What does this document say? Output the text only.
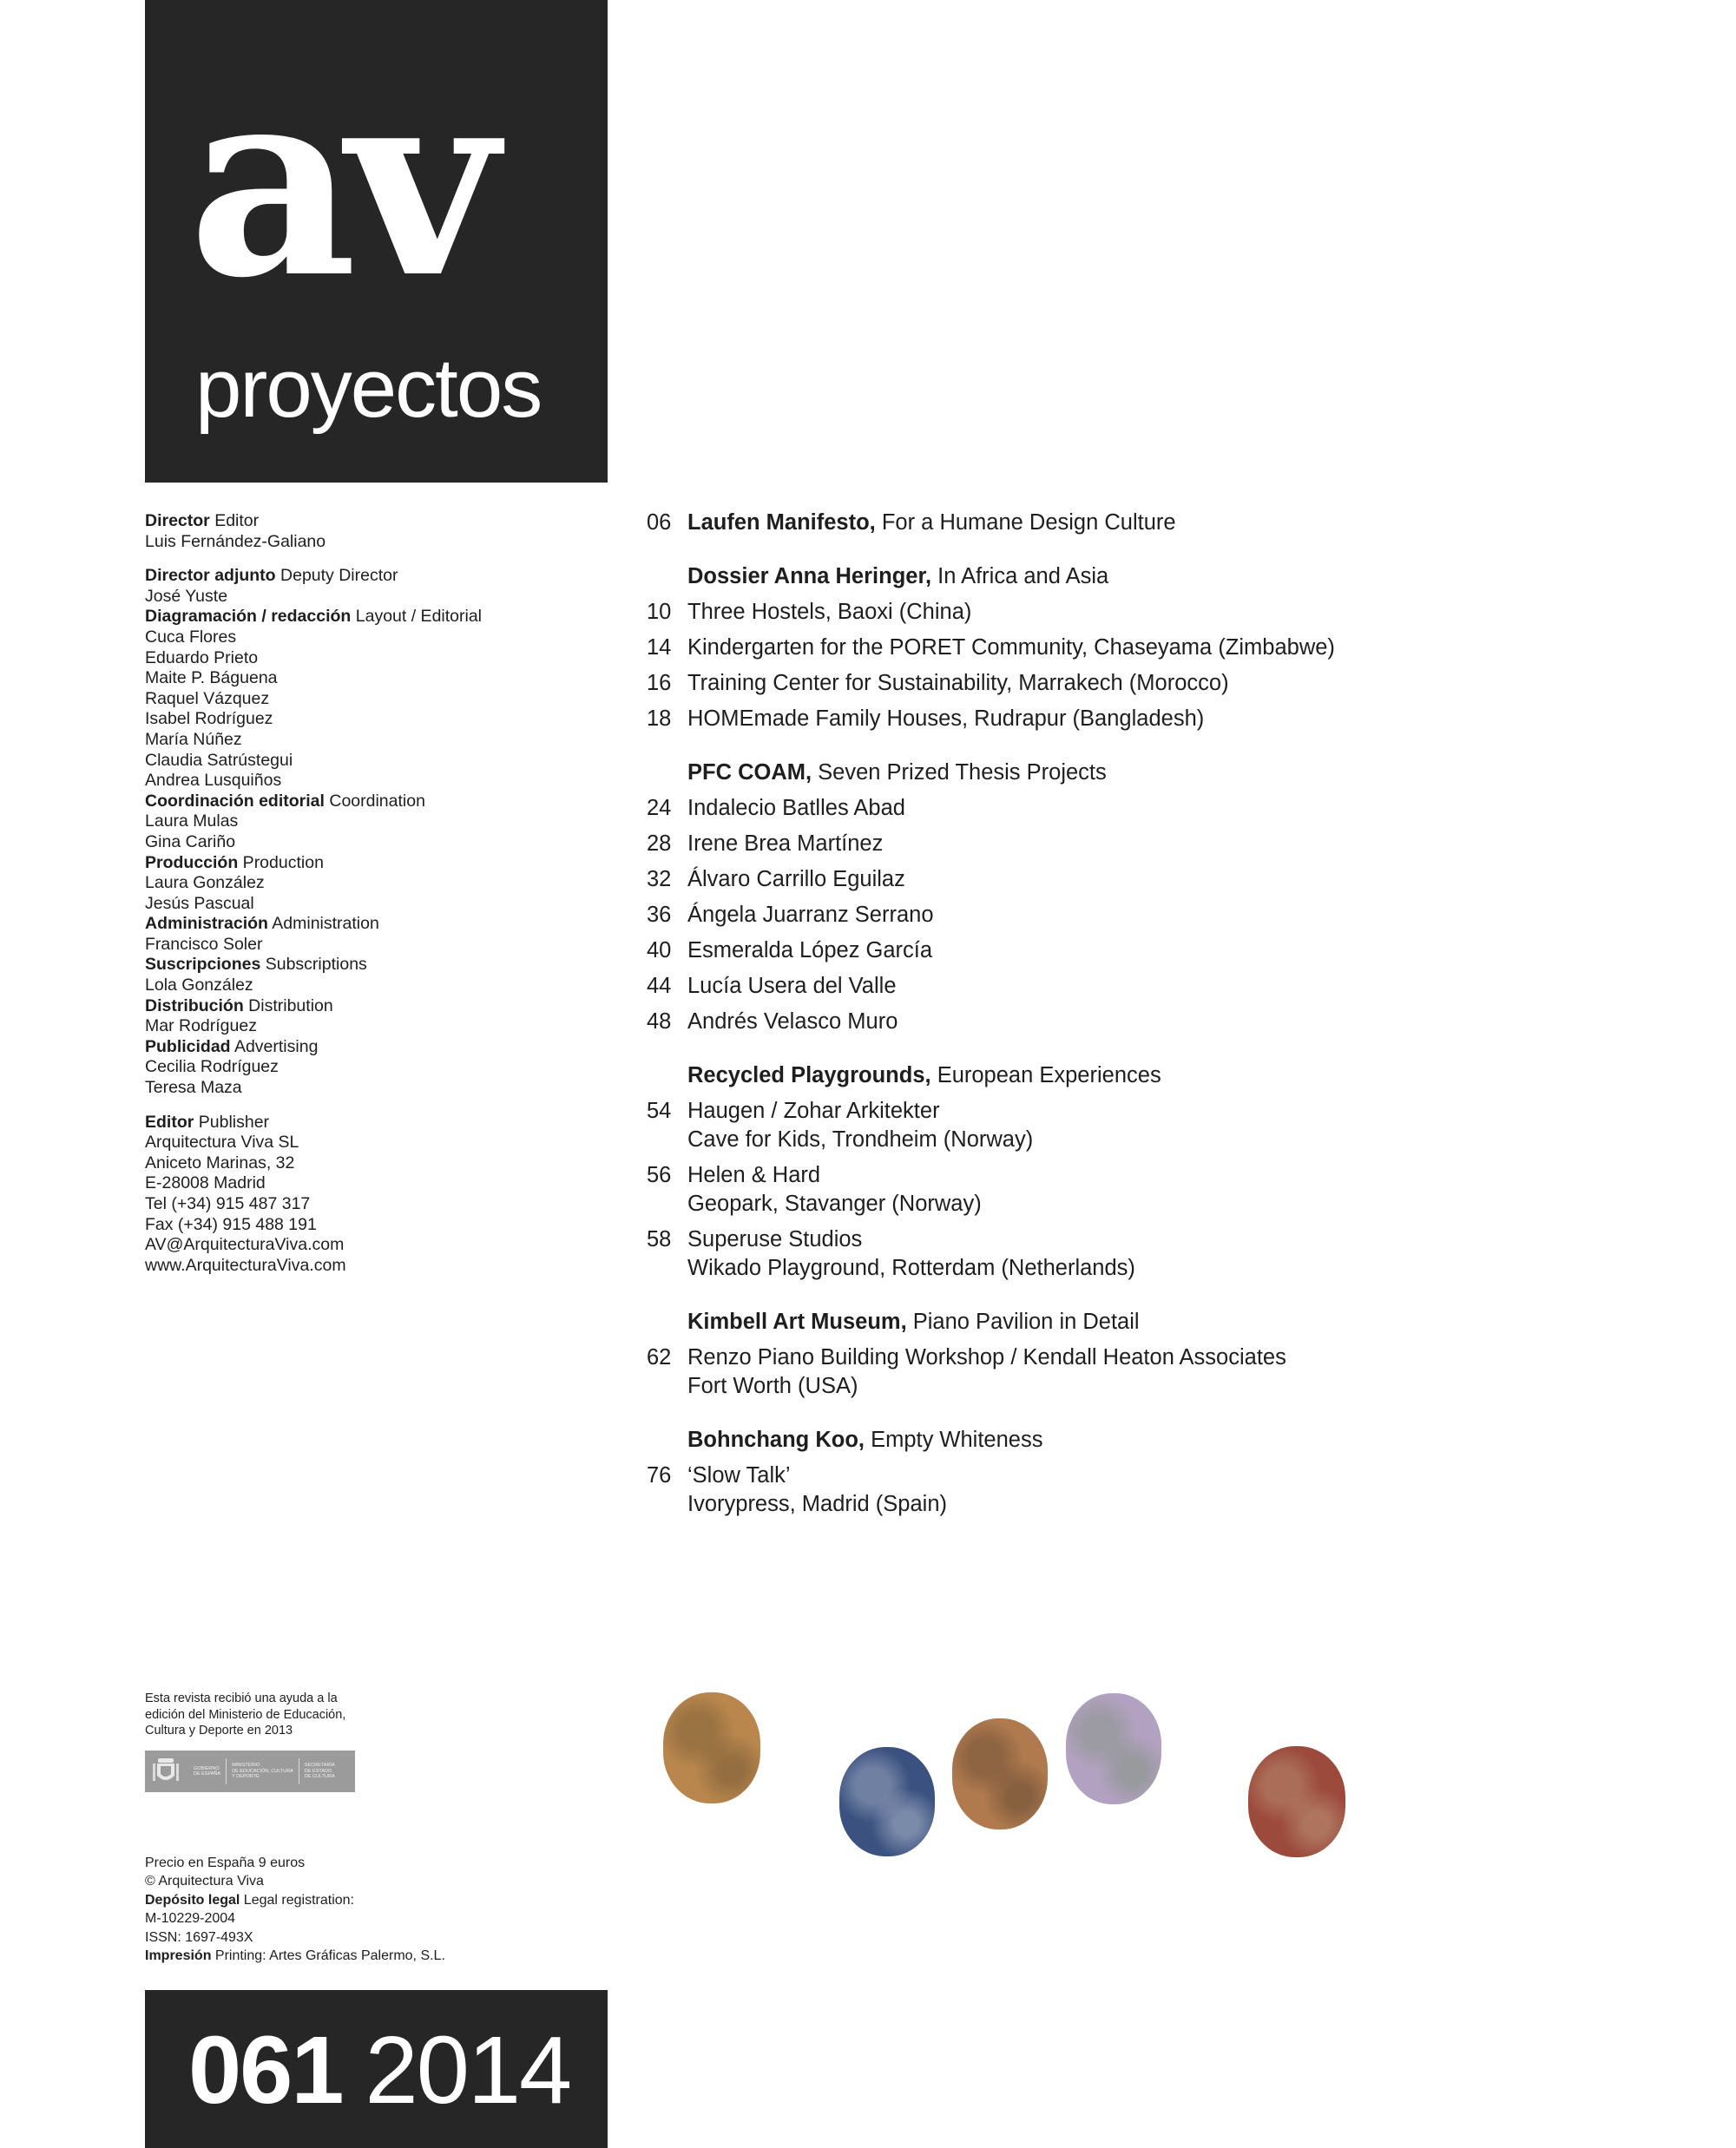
av
proyectos
Director Editor
Luis Fernández-Galiano
Director adjunto Deputy Director
José Yuste
Diagramación / redacción Layout / Editorial
Cuca Flores
Eduardo Prieto
Maite P. Báguena
Raquel Vázquez
Isabel Rodríguez
María Núñez
Claudia Satrústegui
Andrea Lusquiños
Coordinación editorial Coordination
Laura Mulas
Gina Cariño
Producción Production
Laura González
Jesús Pascual
Administración Administration
Francisco Soler
Suscripciones Subscriptions
Lola González
Distribución Distribution
Mar Rodríguez
Publicidad Advertising
Cecilia Rodríguez
Teresa Maza
Editor Publisher
Arquitectura Viva SL
Aniceto Marinas, 32
E-28008 Madrid
Tel (+34) 915 487 317
Fax (+34) 915 488 191
AV@ArquitecturaViva.com
www.ArquitecturaViva.com
06 Laufen Manifesto, For a Humane Design Culture
Dossier Anna Heringer, In Africa and Asia
10 Three Hostels, Baoxi (China)
14 Kindergarten for the PORET Community, Chaseyama (Zimbabwe)
16 Training Center for Sustainability, Marrakech (Morocco)
18 HOMEmade Family Houses, Rudrapur (Bangladesh)
PFC COAM, Seven Prized Thesis Projects
24 Indalecio Batlles Abad
28 Irene Brea Martínez
32 Álvaro Carrillo Eguilaz
36 Ángela Juarranz Serrano
40 Esmeralda López García
44 Lucía Usera del Valle
48 Andrés Velasco Muro
Recycled Playgrounds, European Experiences
54 Haugen / Zohar Arkitekter
Cave for Kids, Trondheim (Norway)
56 Helen & Hard
Geopark, Stavanger (Norway)
58 Superuse Studios
Wikado Playground, Rotterdam (Netherlands)
Kimbell Art Museum, Piano Pavilion in Detail
62 Renzo Piano Building Workshop / Kendall Heaton Associates
Fort Worth (USA)
Bohnchang Koo, Empty Whiteness
76 ‘Slow Talk’
Ivorypress, Madrid (Spain)
Esta revista recibió una ayuda a la
edición del Ministerio de Educación,
Cultura y Deporte en 2013
GOBIERNO
DE ESPAÑA
MINISTERIO
DE EDUCACIÓN, CULTURA
Y DEPORTE
SECRETARÍA
DE ESTADO
DE CULTURA
Precio en España 9 euros
© Arquitectura Viva
Depósito legal Legal registration:
M-10229-2004
ISSN: 1697-493X
Impresión Printing: Artes Gráficas Palermo, S.L.
061 2014
